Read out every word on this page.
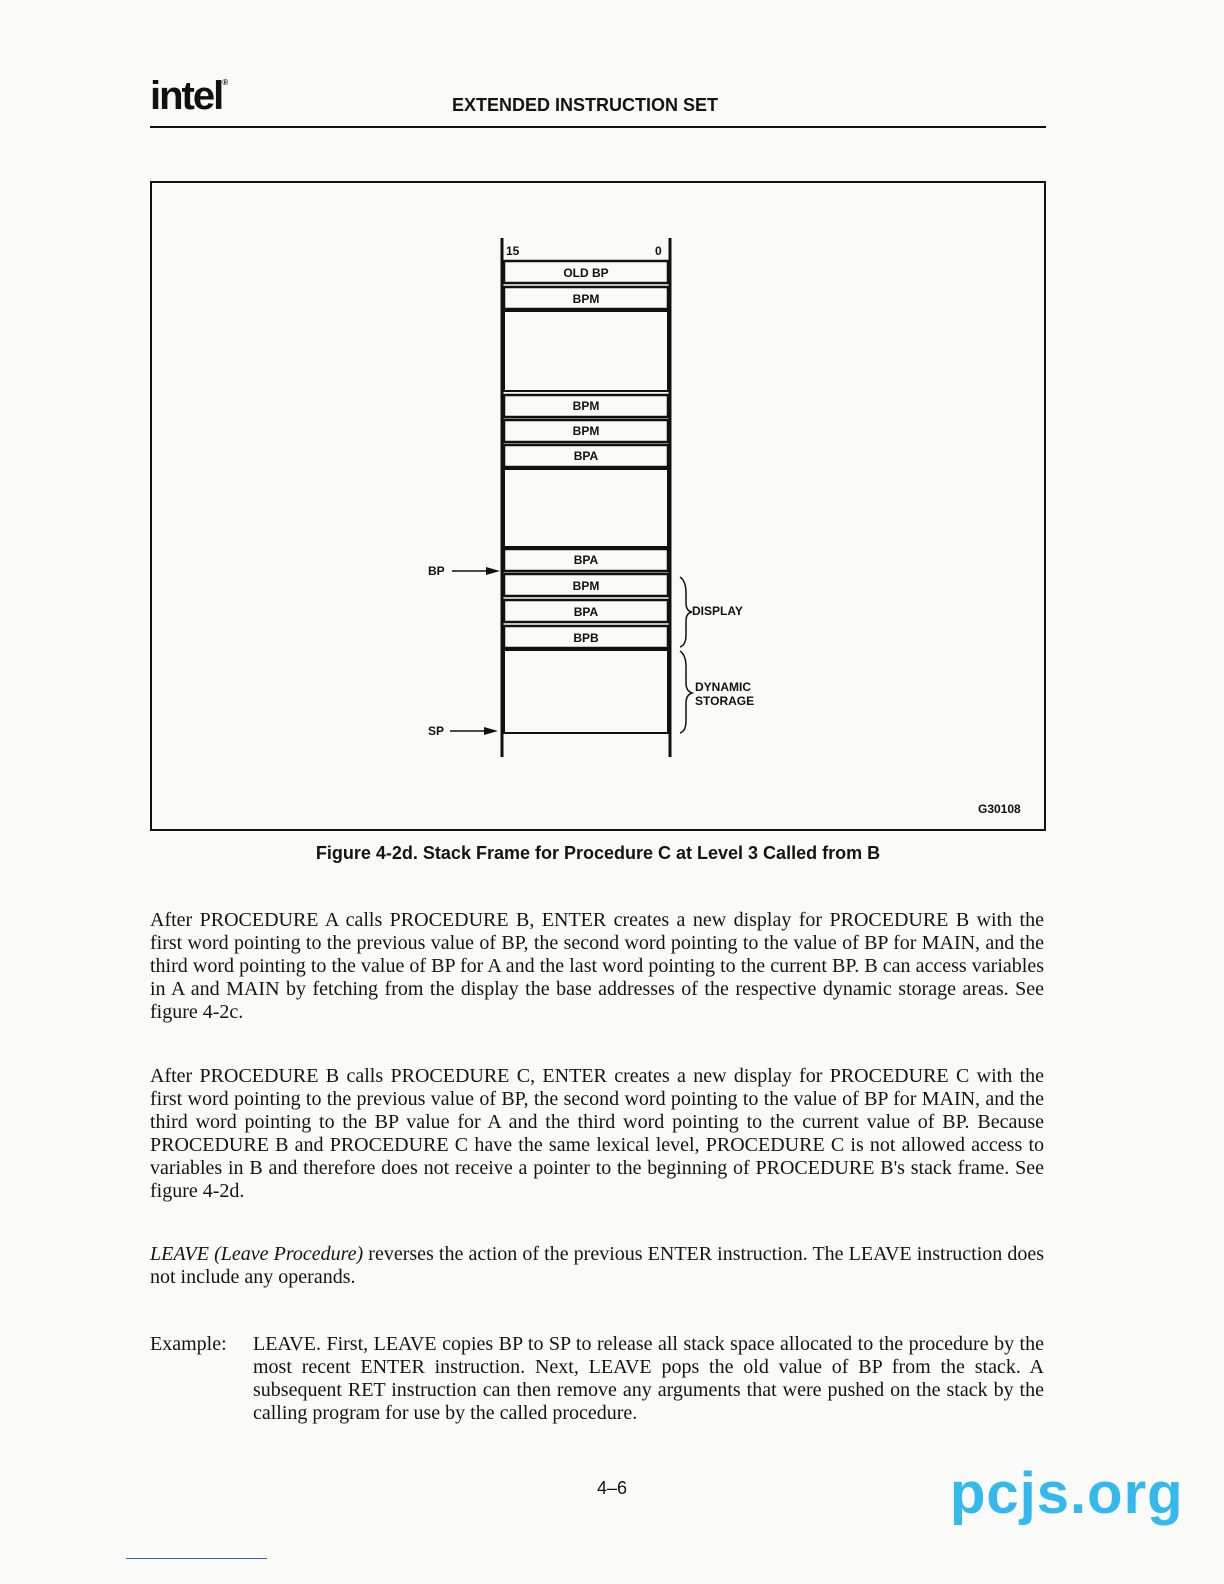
intel®
EXTENDED INSTRUCTION SET
15	0
OLD BP
BPM
BPM
BPM
BPA
BPA
BPM
BPA
BPB
BP
SP
DISPLAY
DYNAMIC
STORAGE
G30108
Figure 4-2d. Stack Frame for Procedure C at Level 3 Called from B

After PROCEDURE A calls PROCEDURE B, ENTER creates a new display for PROCEDURE B with the first word pointing to the previous value of BP, the second word pointing to the value of BP for MAIN, and the third word pointing to the value of BP for A and the last word pointing to the current BP. B can access variables in A and MAIN by fetching from the display the base addresses of the respective dynamic storage areas. See figure 4-2c.

After PROCEDURE B calls PROCEDURE C, ENTER creates a new display for PROCEDURE C with the first word pointing to the previous value of BP, the second word pointing to the value of BP for MAIN, and the third word pointing to the BP value for A and the third word pointing to the current value of BP. Because PROCEDURE B and PROCEDURE C have the same lexical level, PROCEDURE C is not allowed access to variables in B and therefore does not receive a pointer to the beginning of PROCEDURE B's stack frame. See figure 4-2d.

LEAVE (Leave Procedure) reverses the action of the previous ENTER instruction. The LEAVE instruction does not include any operands.

Example: LEAVE. First, LEAVE copies BP to SP to release all stack space allocated to the procedure by the most recent ENTER instruction. Next, LEAVE pops the old value of BP from the stack. A subsequent RET instruction can then remove any arguments that were pushed on the stack by the calling program for use by the called procedure.

4–6	pcjs.org
